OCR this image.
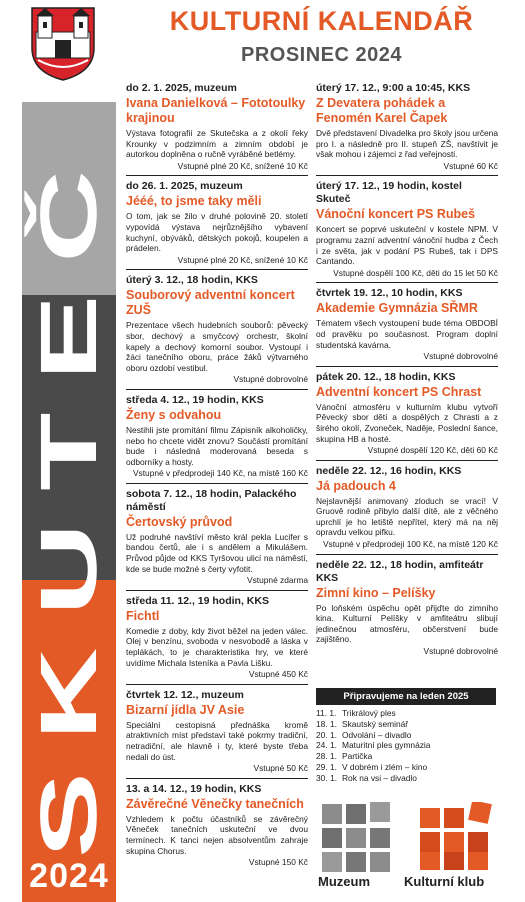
SKUTEČ
2024
KULTURNÍ KALENDÁŘ
PROSINEC 2024
do 2. 1. 2025, muzeum
Ivana Danielková – Fototoulky krajinou
Výstava fotografií ze Skutečska a z okolí řeky Krounky v podzimním a zimním období je autorkou doplněna o ručně vyráběné betlémy.
Vstupné plné 20 Kč, snížené 10 Kč
do 26. 1. 2025, muzeum
Jééé, to jsme taky měli
O tom, jak se žilo v druhé polovině 20. století vypovídá výstava nejrůznějšího vybavení kuchyní, obýváků, dětských pokojů, koupelen a prádelen.
Vstupné plné 20 Kč, snížené 10 Kč
úterý 3. 12., 18 hodin, KKS
Souborový adventní koncert ZUŠ
Prezentace všech hudebních souborů: pěvecký sbor, dechový a smyčcový orchestr, školní kapely a dechový komorní soubor. Vystoupí i žáci tanečního oboru, práce žáků výtvarného oboru ozdobí vestibul.
Vstupné dobrovolné
středa 4. 12., 19 hodin, KKS
Ženy s odvahou
Nestihli jste promítání filmu Zápisník alkoholičky, nebo ho chcete vidět znovu? Součástí promítání bude i následná moderovaná beseda s odborníky a hosty.
Vstupné v předprodeji 140 Kč, na místě 160 Kč
sobota 7. 12., 18 hodin, Palackého náměstí
Čertovský průvod
Už podruhé navštíví město král pekla Lucifer s bandou čertů, ale i s andělem a Mikulášem. Průvod půjde od KKS Tyršovou ulicí na náměstí, kde se bude možné s čerty vyfotit.
Vstupné zdarma
středa 11. 12., 19 hodin, KKS
Fichtl
Komedie z doby, kdy život běžel na jeden válec. Olej v benzínu, svoboda v nesvobodě a láska v teplákách, to je charakteristika hry, ve které uvidíme Michala Isteníka a Pavla Lišku.
Vstupné 450 Kč
čtvrtek 12. 12., muzeum
Bizarní jídla JV Asie
Speciální cestopisná přednáška kromě atraktivních míst představí také pokrmy tradiční, netradiční, ale hlavně i ty, které byste třeba nedali do úst.
Vstupné 50 Kč
13. a 14. 12., 19 hodin, KKS
Závěrečné Věnečky tanečních
Vzhledem k počtu účastníků se závěrečný Věneček tanečních uskuteční ve dvou termínech. K tanci nejen absolventům zahraje skupina Chorus.
Vstupné 150 Kč
úterý 17. 12., 9:00 a 10:45, KKS
Z Devatera pohádek a Fenomén Karel Čapek
Dvě představení Divadelka pro školy jsou určena pro I. a následně pro II. stupeň ZŠ, navštívit je však mohou i zájemci z řad veřejnosti.
Vstupné 60 Kč
úterý 17. 12., 19 hodin, kostel Skuteč
Vánoční koncert PS Rubeš
Koncert se poprvé uskuteční v kostele NPM. V programu zazní adventní vánoční hudba z Čech i ze světa, jak v podání PS Rubeš, tak i DPS Cantando.
Vstupné dospělí 100 Kč, děti do 15 let 50 Kč
čtvrtek 19. 12., 10 hodin, KKS
Akademie Gymnázia SŘMR
Tématem všech vystoupení bude téma OBDOBÍ od pravěku po současnost. Program doplní studentská kavárna.
Vstupné dobrovolné
pátek 20. 12., 18 hodin, KKS
Adventní koncert PS Chrast
Vánoční atmosféru v kulturním klubu vytvoří Pěvecký sbor dětí a dospělých z Chrasti a z širého okolí, Zvoneček, Naděje, Poslední šance, skupina HB a hosté.
Vstupné dospělí 120 Kč, děti 60 Kč
neděle 22. 12., 16 hodin, KKS
Já padouch 4
Nejslavnější animovaný zloduch se vrací! V Gruově rodině přibylo další dítě, ale z věčného uprchlí je ho letiště nepřítel, který má na něj opravdu velkou pifku.
Vstupné v předprodeji 100 Kč, na místě 120 Kč
neděle 22. 12., 18 hodin, amfiteátr KKS
Zimní kino – Pelíšky
Po loňském úspěchu opět přijďte do zimního kina. Kulturní Pelíšky v amfiteátru slibují jedinečnou atmosféru, občerstvení bude zajištěno.
Vstupné dobrovolné
Připravujeme na leden 2025
11. 1. Trikrálový ples
18. 1. Skautský seminář
20. 1. Odvolání – divadlo
24. 1. Maturitní ples gymnázia
28. 1. Partička
29. 1. V dobrém i zlém – kino
30. 1. Rok na vsi – divadlo
Muzeum	Kulturní klub
